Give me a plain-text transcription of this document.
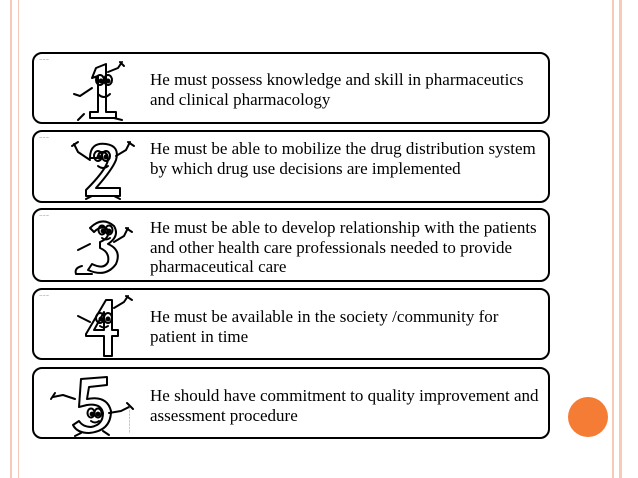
~~~
He must possess knowledge and skill in pharmaceutics and clinical pharmacology
~~~
He must be able to mobilize the drug distribution system by which drug use decisions are implemented
~~~
He must be able to develop relationship with the patients and other health care professionals needed to provide pharmaceutical care
~~~
He must be available in the society /community for patient in time
~~~~~~~~
He should have commitment to quality improvement and assessment procedure
